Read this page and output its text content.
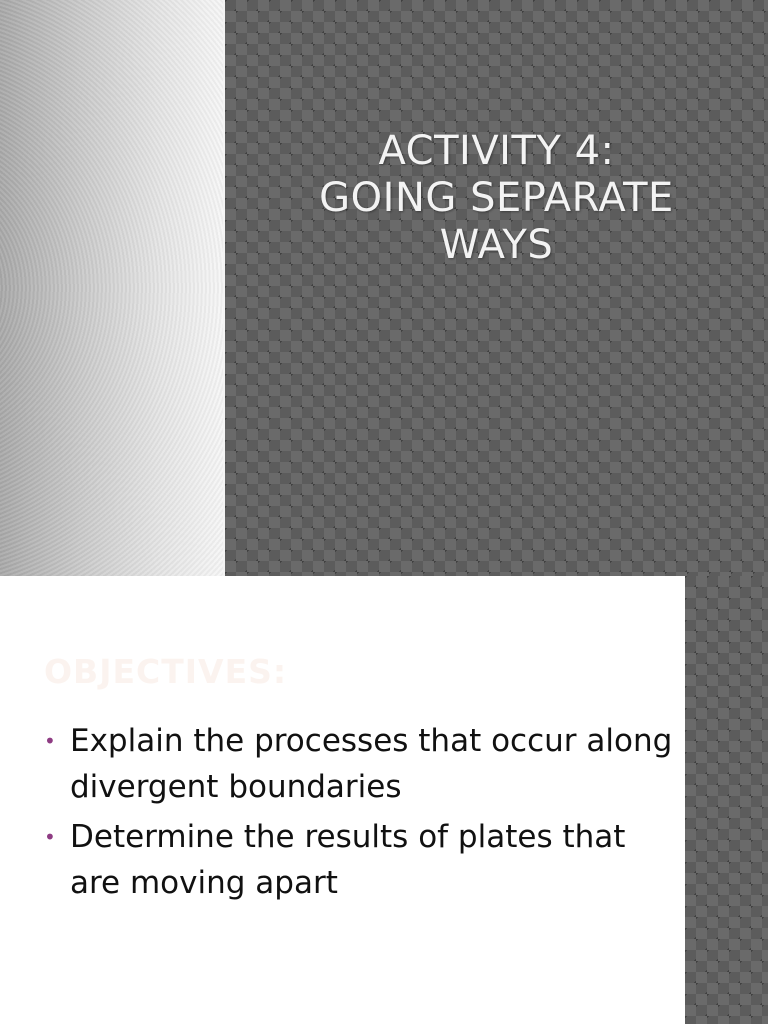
ACTIVITY 4:
GOING SEPARATE
WAYS
OBJECTIVES:
• Explain the processes that occur along divergent boundaries
• Determine the results of plates that are moving apart
